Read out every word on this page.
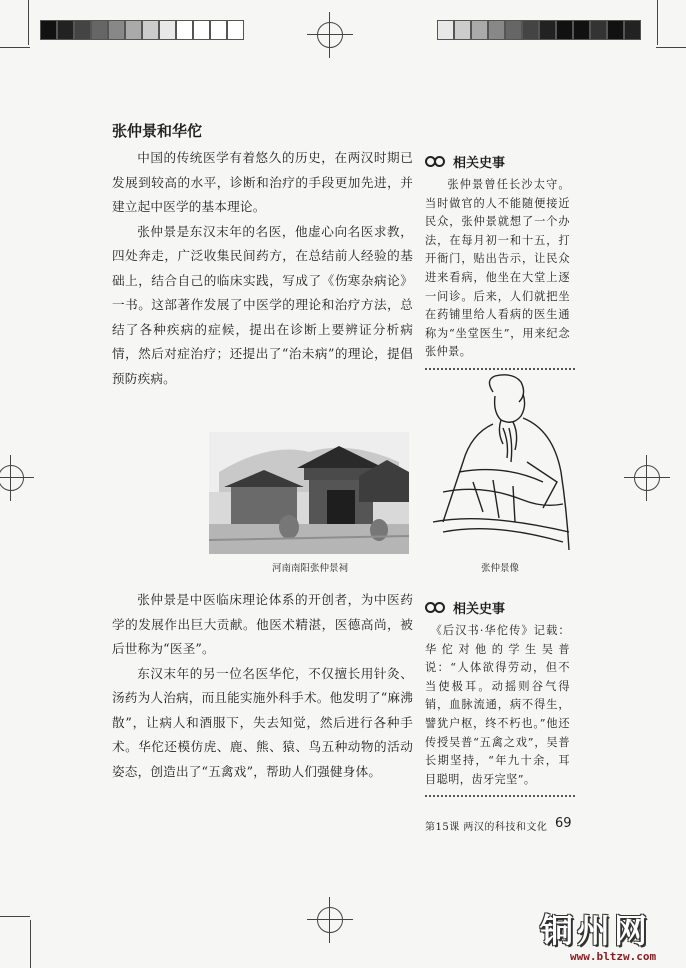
张仲景和华佗

中国的传统医学有着悠久的历史，在两汉时期已发展到较高的水平，诊断和治疗的手段更加先进，并建立起中医学的基本理论。

张仲景是东汉末年的名医，他虚心向名医求教，四处奔走，广泛收集民间药方，在总结前人经验的基础上，结合自己的临床实践，写成了《伤寒杂病论》一书。这部著作发展了中医学的理论和治疗方法，总结了各种疾病的症候，提出在诊断上要辨证分析病情，然后对症治疗；还提出了“治未病”的理论，提倡预防疾病。

相关史事

张仲景曾任长沙太守。当时做官的人不能随便接近民众，张仲景就想了一个办法，在每月初一和十五，打开衙门，贴出告示，让民众进来看病，他坐在大堂上逐一问诊。后来，人们就把坐在药铺里给人看病的医生通称为“坐堂医生”，用来纪念张仲景。

河南南阳张仲景祠	张仲景像

张仲景是中医临床理论体系的开创者，为中医药学的发展作出巨大贡献。他医术精湛，医德高尚，被后世称为“医圣”。

东汉末年的另一位名医华佗，不仅擅长用针灸、汤药为人治病，而且能实施外科手术。他发明了“麻沸散”，让病人和酒服下，失去知觉，然后进行各种手术。华佗还模仿虎、鹿、熊、猿、鸟五种动物的活动姿态，创造出了“五禽戏”，帮助人们强健身体。

相关史事

《后汉书·华佗传》记载：华佗对他的学生吴普说：“人体欲得劳动，但不当使极耳。动摇则谷气得销，血脉流通，病不得生，譬犹户枢，终不朽也。”他还传授吴普“五禽之戏”，吴普长期坚持，“年九十余，耳目聪明，齿牙完坚”。

第15课 两汉的科技和文化 69
铜州网
www.bltzw.com
